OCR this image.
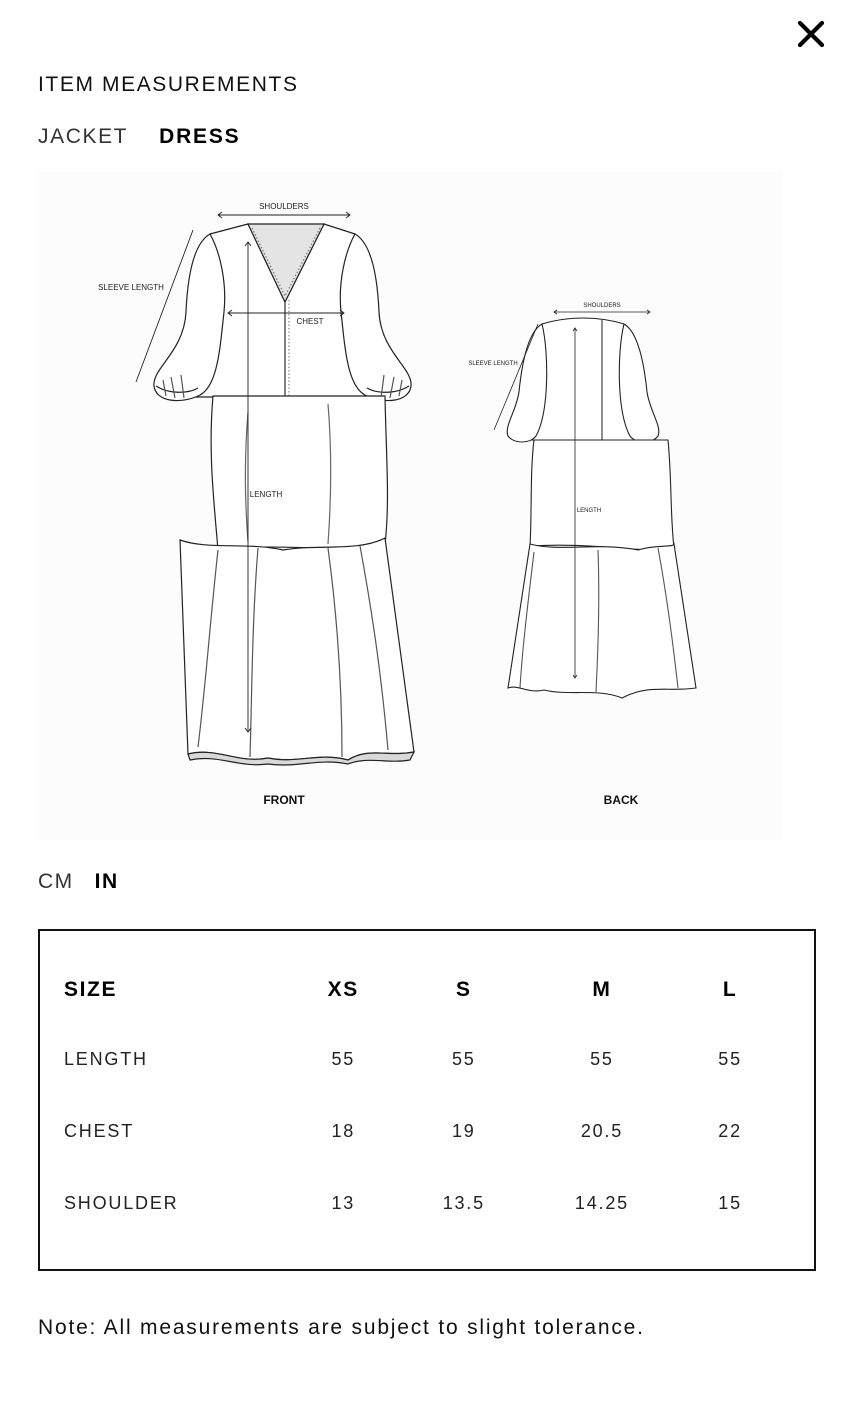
ITEM MEASUREMENTS
JACKET DRESS
SHOULDERS
SLEEVE LENGTH
CHEST
LENGTH
FRONT
SHOULDERS
SLEEVE LENGTH
LENGTH
BACK
CM IN
SIZE	XS	S	M	L
LENGTH	55	55	55	55
CHEST	18	19	20.5	22
SHOULDER	13	13.5	14.25	15
Note: All measurements are subject to slight tolerance.
